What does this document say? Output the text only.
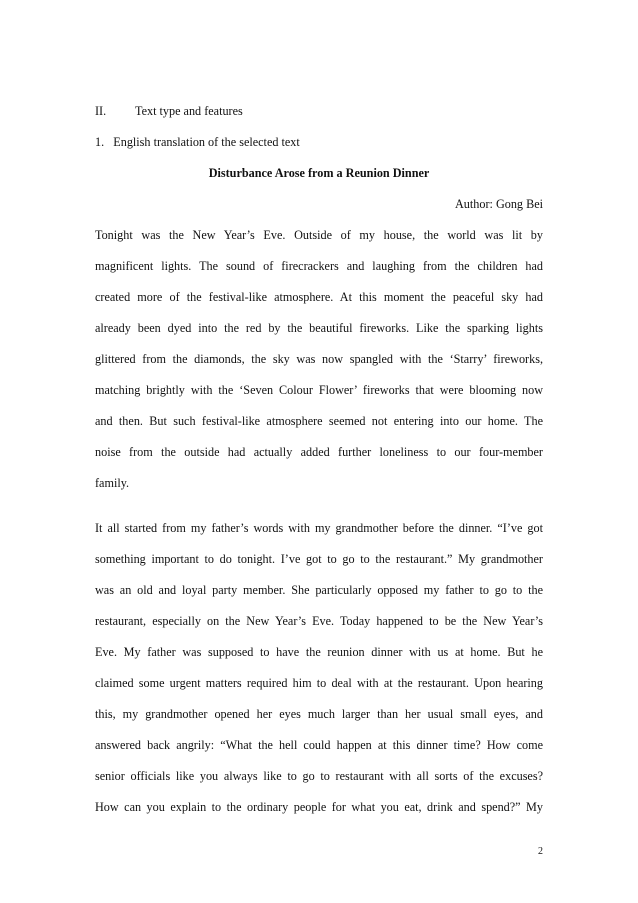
II. Text type and features
1.   English translation of the selected text
Disturbance Arose from a Reunion Dinner
Author: Gong Bei
Tonight was the New Year’s Eve. Outside of my house, the world was lit by
magnificent lights. The sound of firecrackers and laughing from the children had
created more of the festival-like atmosphere. At this moment the peaceful sky had
already been dyed into the red by the beautiful fireworks. Like the sparking lights
glittered from the diamonds, the sky was now spangled with the ‘Starry’ fireworks,
matching brightly with the ‘Seven Colour Flower’ fireworks that were blooming now
and then. But such festival-like atmosphere seemed not entering into our home. The
noise from the outside had actually added further loneliness to our four-member
family.
It all started from my father’s words with my grandmother before the dinner. “I’ve got
something important to do tonight. I’ve got to go to the restaurant.” My grandmother
was an old and loyal party member. She particularly opposed my father to go to the
restaurant, especially on the New Year’s Eve. Today happened to be the New Year’s
Eve. My father was supposed to have the reunion dinner with us at home. But he
claimed some urgent matters required him to deal with at the restaurant. Upon hearing
this, my grandmother opened her eyes much larger than her usual small eyes, and
answered back angrily: “What the hell could happen at this dinner time? How come
senior officials like you always like to go to restaurant with all sorts of the excuses?
How can you explain to the ordinary people for what you eat, drink and spend?” My
2
